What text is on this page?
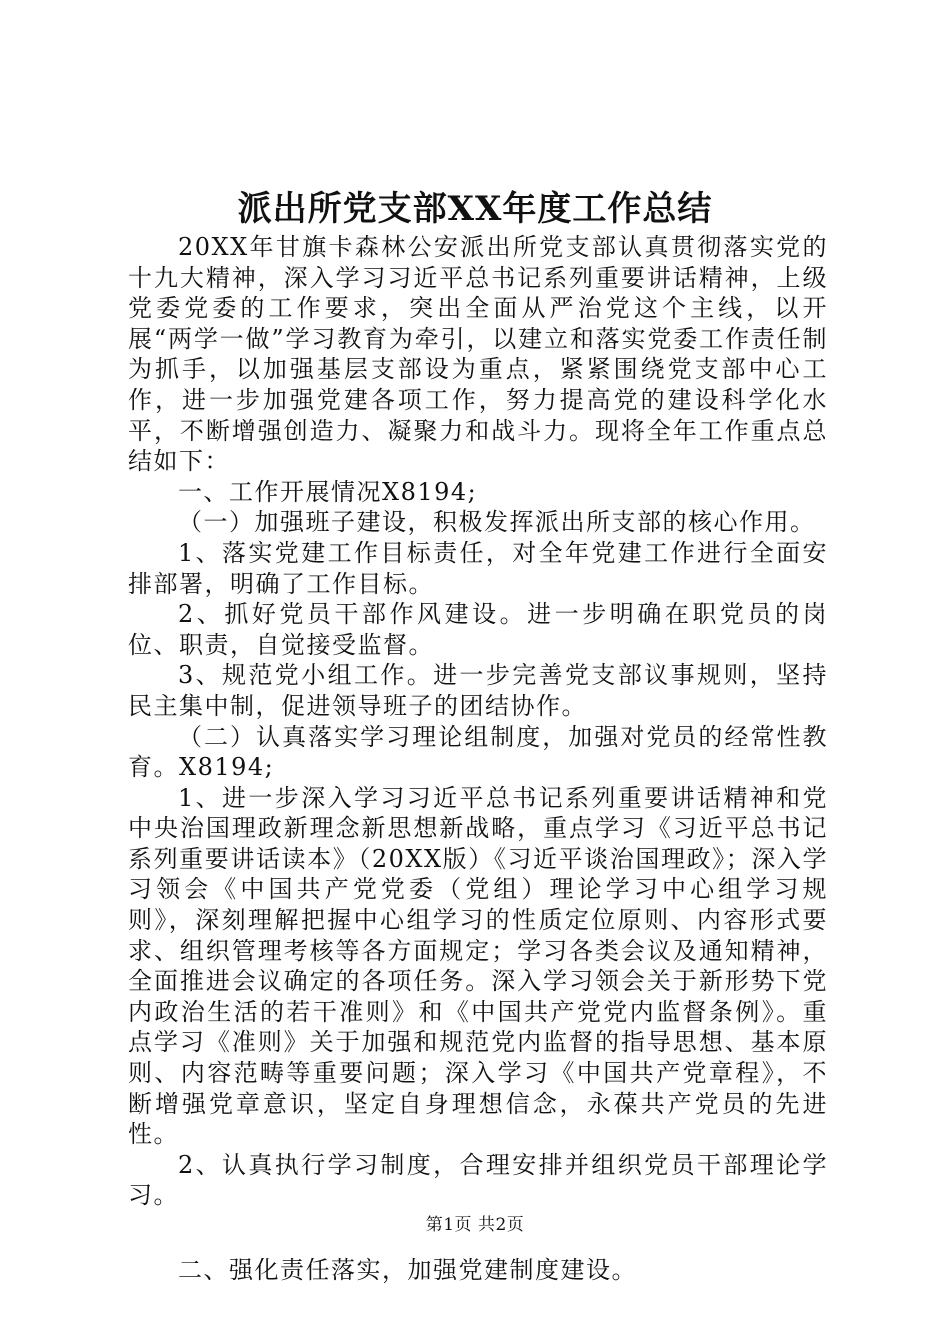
派出所党支部XX年度工作总结

20XX年甘旗卡森林公安派出所党支部认真贯彻落实党的十九大精神，深入学习习近平总书记系列重要讲话精神，上级党委党委的工作要求，突出全面从严治党这个主线，以开展“两学一做”学习教育为牵引，以建立和落实党委工作责任制为抓手，以加强基层支部设为重点，紧紧围绕党支部中心工作，进一步加强党建各项工作，努力提高党的建设科学化水平，不断增强创造力、凝聚力和战斗力。现将全年工作重点总结如下：

一、工作开展情况X8194;

（一）加强班子建设，积极发挥派出所支部的核心作用。

1、落实党建工作目标责任，对全年党建工作进行全面安排部署，明确了工作目标。

2、抓好党员干部作风建设。进一步明确在职党员的岗位、职责，自觉接受监督。

3、规范党小组工作。进一步完善党支部议事规则，坚持民主集中制，促进领导班子的团结协作。

（二）认真落实学习理论组制度，加强对党员的经常性教育。X8194;

1、进一步深入学习习近平总书记系列重要讲话精神和党中央治国理政新理念新思想新战略，重点学习《习近平总书记系列重要讲话读本》（20XX版）《习近平谈治国理政》；深入学习领会《中国共产党党委（党组）理论学习中心组学习规则》，深刻理解把握中心组学习的性质定位原则、内容形式要求、组织管理考核等各方面规定；学习各类会议及通知精神，全面推进会议确定的各项任务。深入学习领会关于新形势下党内政治生活的若干准则》和《中国共产党党内监督条例》。重点学习《准则》关于加强和规范党内监督的指导思想、基本原则、内容范畴等重要问题；深入学习《中国共产党章程》，不断增强党章意识，坚定自身理想信念，永葆共产党员的先进性。

2、认真执行学习制度，合理安排并组织党员干部理论学习。

二、强化责任落实，加强党建制度建设。

第1页 共2页
